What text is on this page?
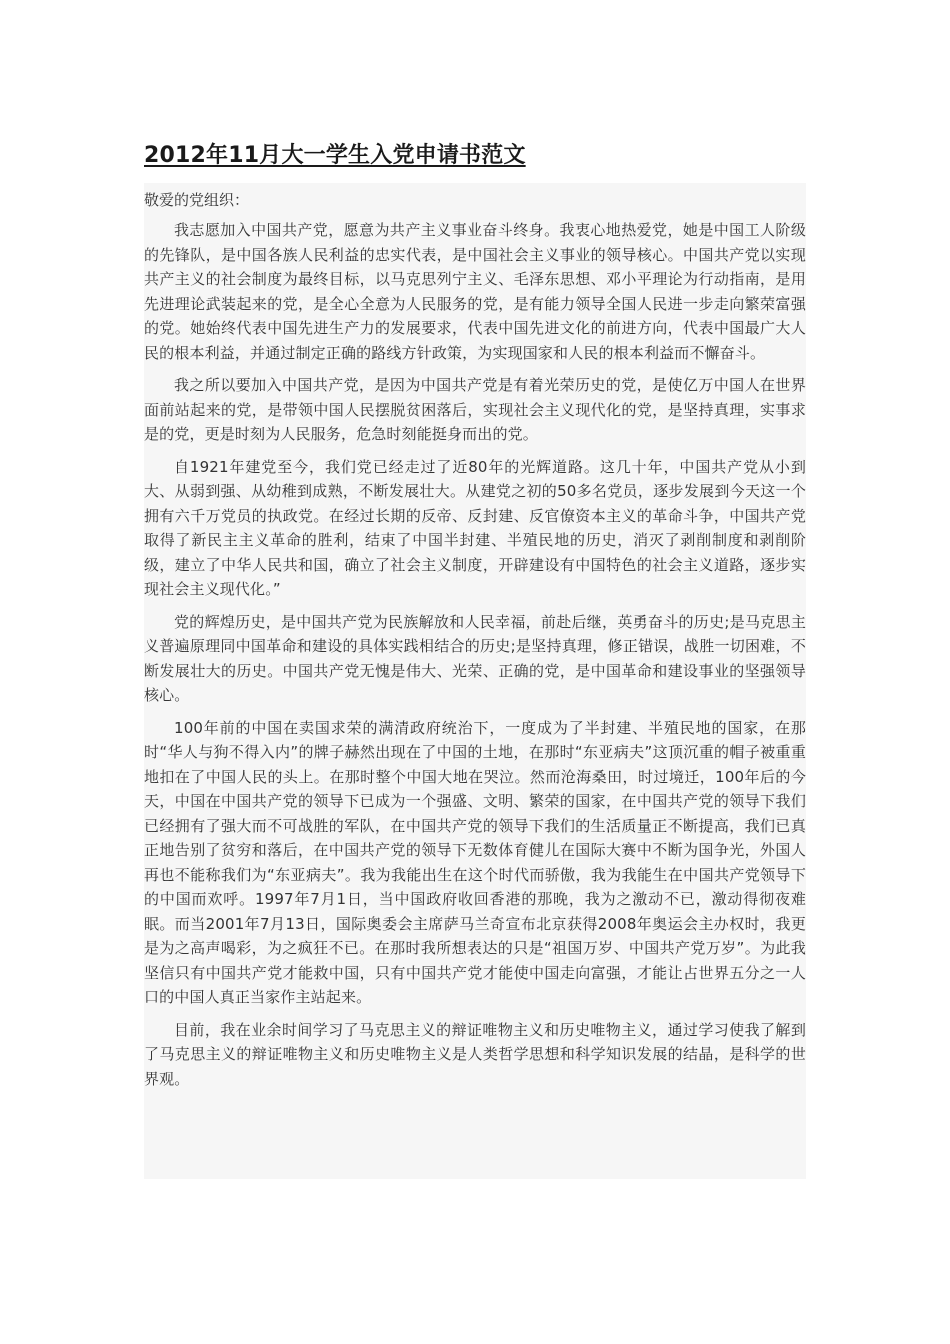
2012年11月大一学生入党申请书范文

敬爱的党组织：

我志愿加入中国共产党，愿意为共产主义事业奋斗终身。我衷心地热爱党，她是中国工人阶级的先锋队，是中国各族人民利益的忠实代表，是中国社会主义事业的领导核心。中国共产党以实现共产主义的社会制度为最终目标，以马克思列宁主义、毛泽东思想、邓小平理论为行动指南，是用先进理论武装起来的党，是全心全意为人民服务的党，是有能力领导全国人民进一步走向繁荣富强的党。她始终代表中国先进生产力的发展要求，代表中国先进文化的前进方向，代表中国最广大人民的根本利益，并通过制定正确的路线方针政策，为实现国家和人民的根本利益而不懈奋斗。

我之所以要加入中国共产党，是因为中国共产党是有着光荣历史的党，是使亿万中国人在世界面前站起来的党，是带领中国人民摆脱贫困落后，实现社会主义现代化的党，是坚持真理，实事求是的党，更是时刻为人民服务，危急时刻能挺身而出的党。

自1921年建党至今，我们党已经走过了近80年的光辉道路。这几十年，中国共产党从小到大、从弱到强、从幼稚到成熟，不断发展壮大。从建党之初的50多名党员，逐步发展到今天这一个拥有六千万党员的执政党。在经过长期的反帝、反封建、反官僚资本主义的革命斗争，中国共产党取得了新民主主义革命的胜利，结束了中国半封建、半殖民地的历史，消灭了剥削制度和剥削阶级，建立了中华人民共和国，确立了社会主义制度，开辟建设有中国特色的社会主义道路，逐步实现社会主义现代化。”

党的辉煌历史，是中国共产党为民族解放和人民幸福，前赴后继，英勇奋斗的历史;是马克思主义普遍原理同中国革命和建设的具体实践相结合的历史;是坚持真理，修正错误，战胜一切困难，不断发展壮大的历史。中国共产党无愧是伟大、光荣、正确的党，是中国革命和建设事业的坚强领导核心。

100年前的中国在卖国求荣的满清政府统治下，一度成为了半封建、半殖民地的国家，在那时“华人与狗不得入内”的牌子赫然出现在了中国的土地，在那时“东亚病夫”这顶沉重的帽子被重重地扣在了中国人民的头上。在那时整个中国大地在哭泣。然而沧海桑田，时过境迁，100年后的今天，中国在中国共产党的领导下已成为一个强盛、文明、繁荣的国家，在中国共产党的领导下我们已经拥有了强大而不可战胜的军队，在中国共产党的领导下我们的生活质量正不断提高，我们已真正地告别了贫穷和落后，在中国共产党的领导下无数体育健儿在国际大赛中不断为国争光，外国人再也不能称我们为“东亚病夫”。我为我能出生在这个时代而骄傲，我为我能生在中国共产党领导下的中国而欢呼。1997年7月1日，当中国政府收回香港的那晚，我为之激动不已，激动得彻夜难眠。而当2001年7月13日，国际奥委会主席萨马兰奇宣布北京获得2008年奥运会主办权时，我更是为之高声喝彩，为之疯狂不已。在那时我所想表达的只是“祖国万岁、中国共产党万岁”。为此我坚信只有中国共产党才能救中国，只有中国共产党才能使中国走向富强，才能让占世界五分之一人口的中国人真正当家作主站起来。

目前，我在业余时间学习了马克思主义的辩证唯物主义和历史唯物主义，通过学习使我了解到了马克思主义的辩证唯物主义和历史唯物主义是人类哲学思想和科学知识发展的结晶，是科学的世界观。
